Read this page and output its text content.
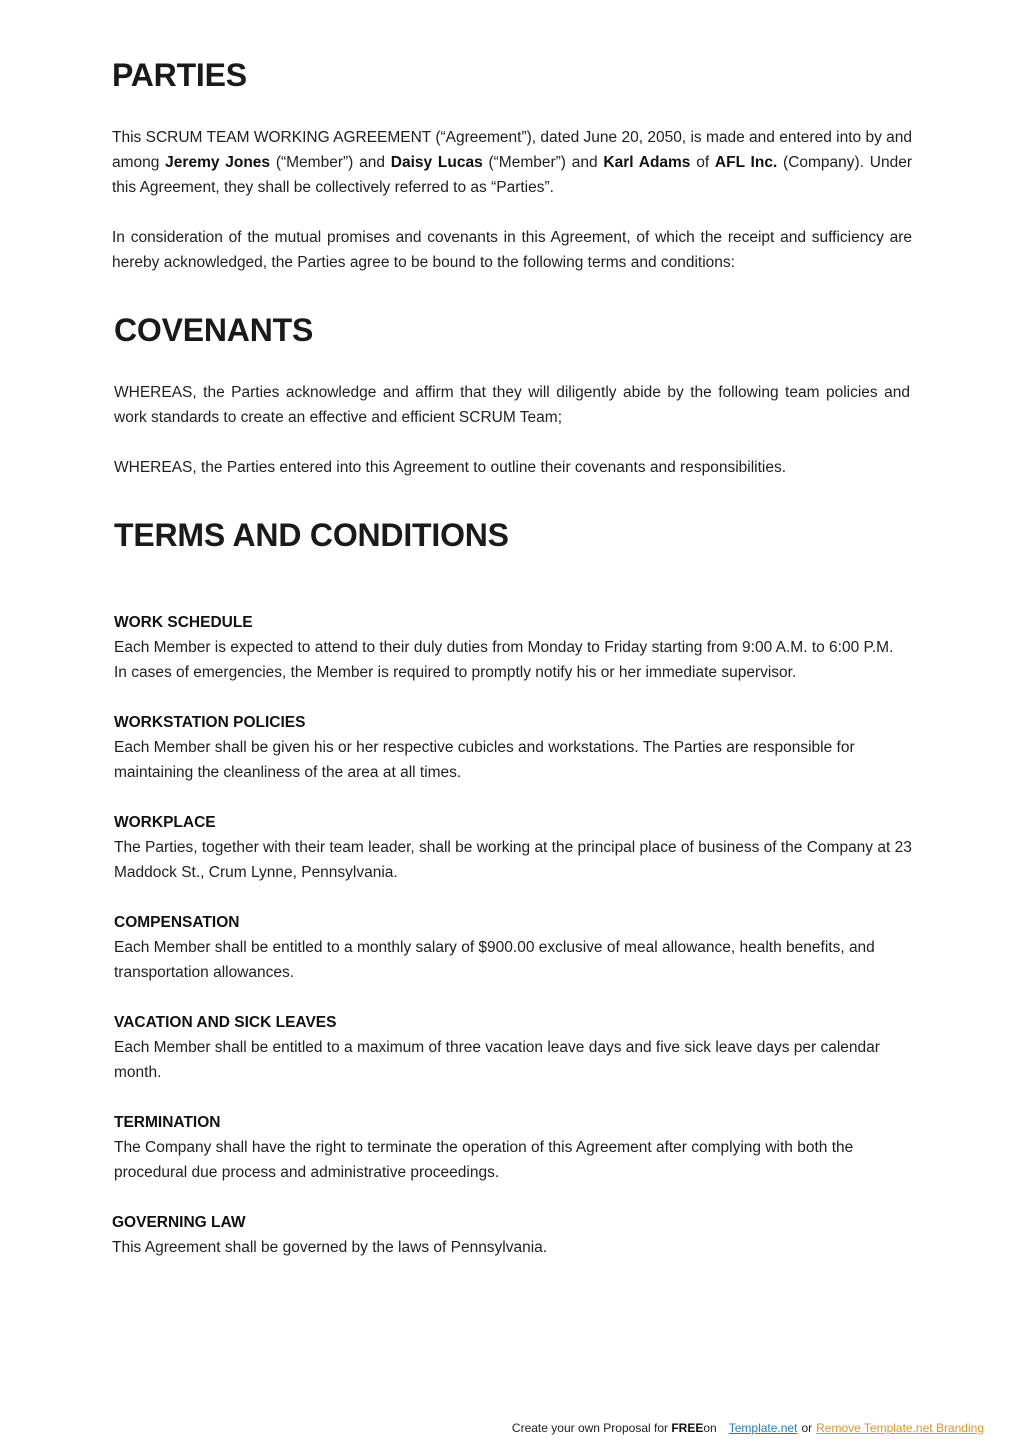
PARTIES

This SCRUM TEAM WORKING AGREEMENT (“Agreement”), dated June 20, 2050, is made and entered into by and among Jeremy Jones (“Member”) and Daisy Lucas (“Member”) and Karl Adams of AFL Inc. (Company). Under this Agreement, they shall be collectively referred to as “Parties”.

In consideration of the mutual promises and covenants in this Agreement, of which the receipt and sufficiency are hereby acknowledged, the Parties agree to be bound to the following terms and conditions:

COVENANTS

WHEREAS, the Parties acknowledge and affirm that they will diligently abide by the following team policies and work standards to create an effective and efficient SCRUM Team;

WHEREAS, the Parties entered into this Agreement to outline their covenants and responsibilities.

TERMS AND CONDITIONS

WORK SCHEDULE

Each Member is expected to attend to their duly duties from Monday to Friday starting from 9:00 A.M. to 6:00 P.M. In cases of emergencies, the Member is required to promptly notify his or her immediate supervisor.

WORKSTATION POLICIES

Each Member shall be given his or her respective cubicles and workstations. The Parties are responsible for maintaining the cleanliness of the area at all times.

WORKPLACE

The Parties, together with their team leader, shall be working at the principal place of business of the Company at 23 Maddock St., Crum Lynne, Pennsylvania.

COMPENSATION

Each Member shall be entitled to a monthly salary of $900.00 exclusive of meal allowance, health benefits, and transportation allowances.

VACATION AND SICK LEAVES

Each Member shall be entitled to a maximum of three vacation leave days and five sick leave days per calendar month.

TERMINATION

The Company shall have the right to terminate the operation of this Agreement after complying with both the procedural due process and administrative proceedings.

GOVERNING LAW

This Agreement shall be governed by the laws of Pennsylvania.

Create your own Proposal for FREEon Template.net or Remove Template.net Branding
